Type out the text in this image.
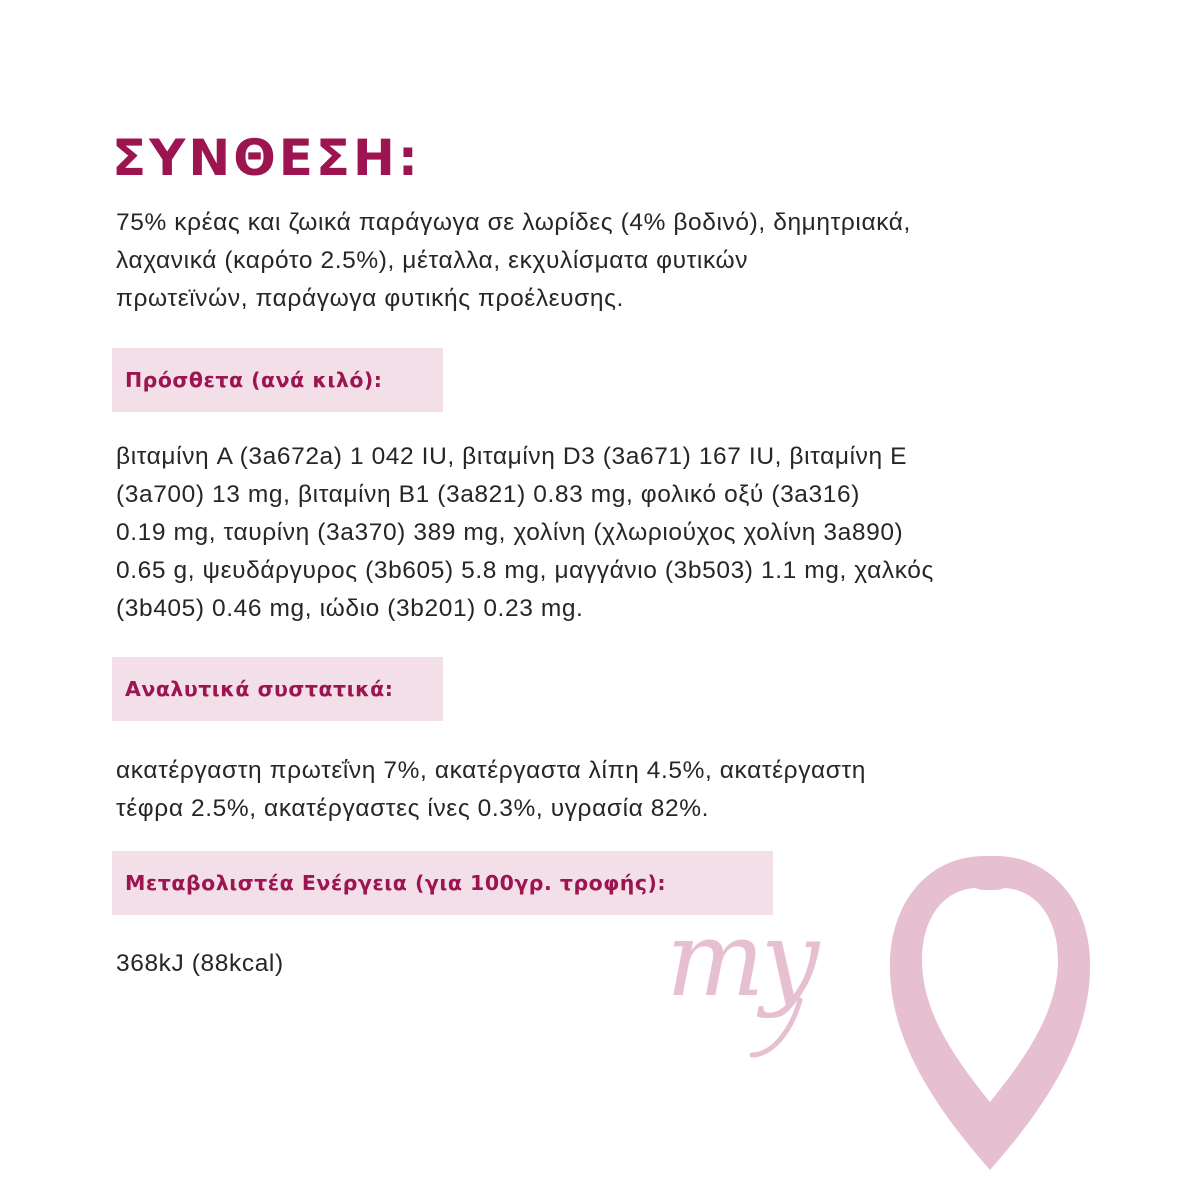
ΣΥΝΘΕΣΗ:

75% κρέας και ζωικά παράγωγα σε λωρίδες (4% βοδινό), δημητριακά,
λαχανικά (καρότο 2.5%), μέταλλα, εκχυλίσματα φυτικών
πρωτεϊνών, παράγωγα φυτικής προέλευσης.

Πρόσθετα (ανά κιλό):

βιταμίνη A (3a672a) 1 042 IU, βιταμίνη D3 (3a671) 167 IU, βιταμίνη E
(3a700) 13 mg, βιταμίνη B1 (3a821) 0.83 mg, φολικό οξύ (3a316)
0.19 mg, ταυρίνη (3a370) 389 mg, χολίνη (χλωριούχος χολίνη 3a890)
0.65 g, ψευδάργυρος (3b605) 5.8 mg, μαγγάνιο (3b503) 1.1 mg, χαλκός
(3b405) 0.46 mg, ιώδιο (3b201) 0.23 mg.

Αναλυτικά συστατικά:

ακατέργαστη πρωτεΐνη 7%, ακατέργαστα λίπη 4.5%, ακατέργαστη
τέφρα 2.5%, ακατέργαστες ίνες 0.3%, υγρασία 82%.

Μεταβολιστέα Ενέργεια (για 100γρ. τροφής):

368kJ (88kcal)	my
